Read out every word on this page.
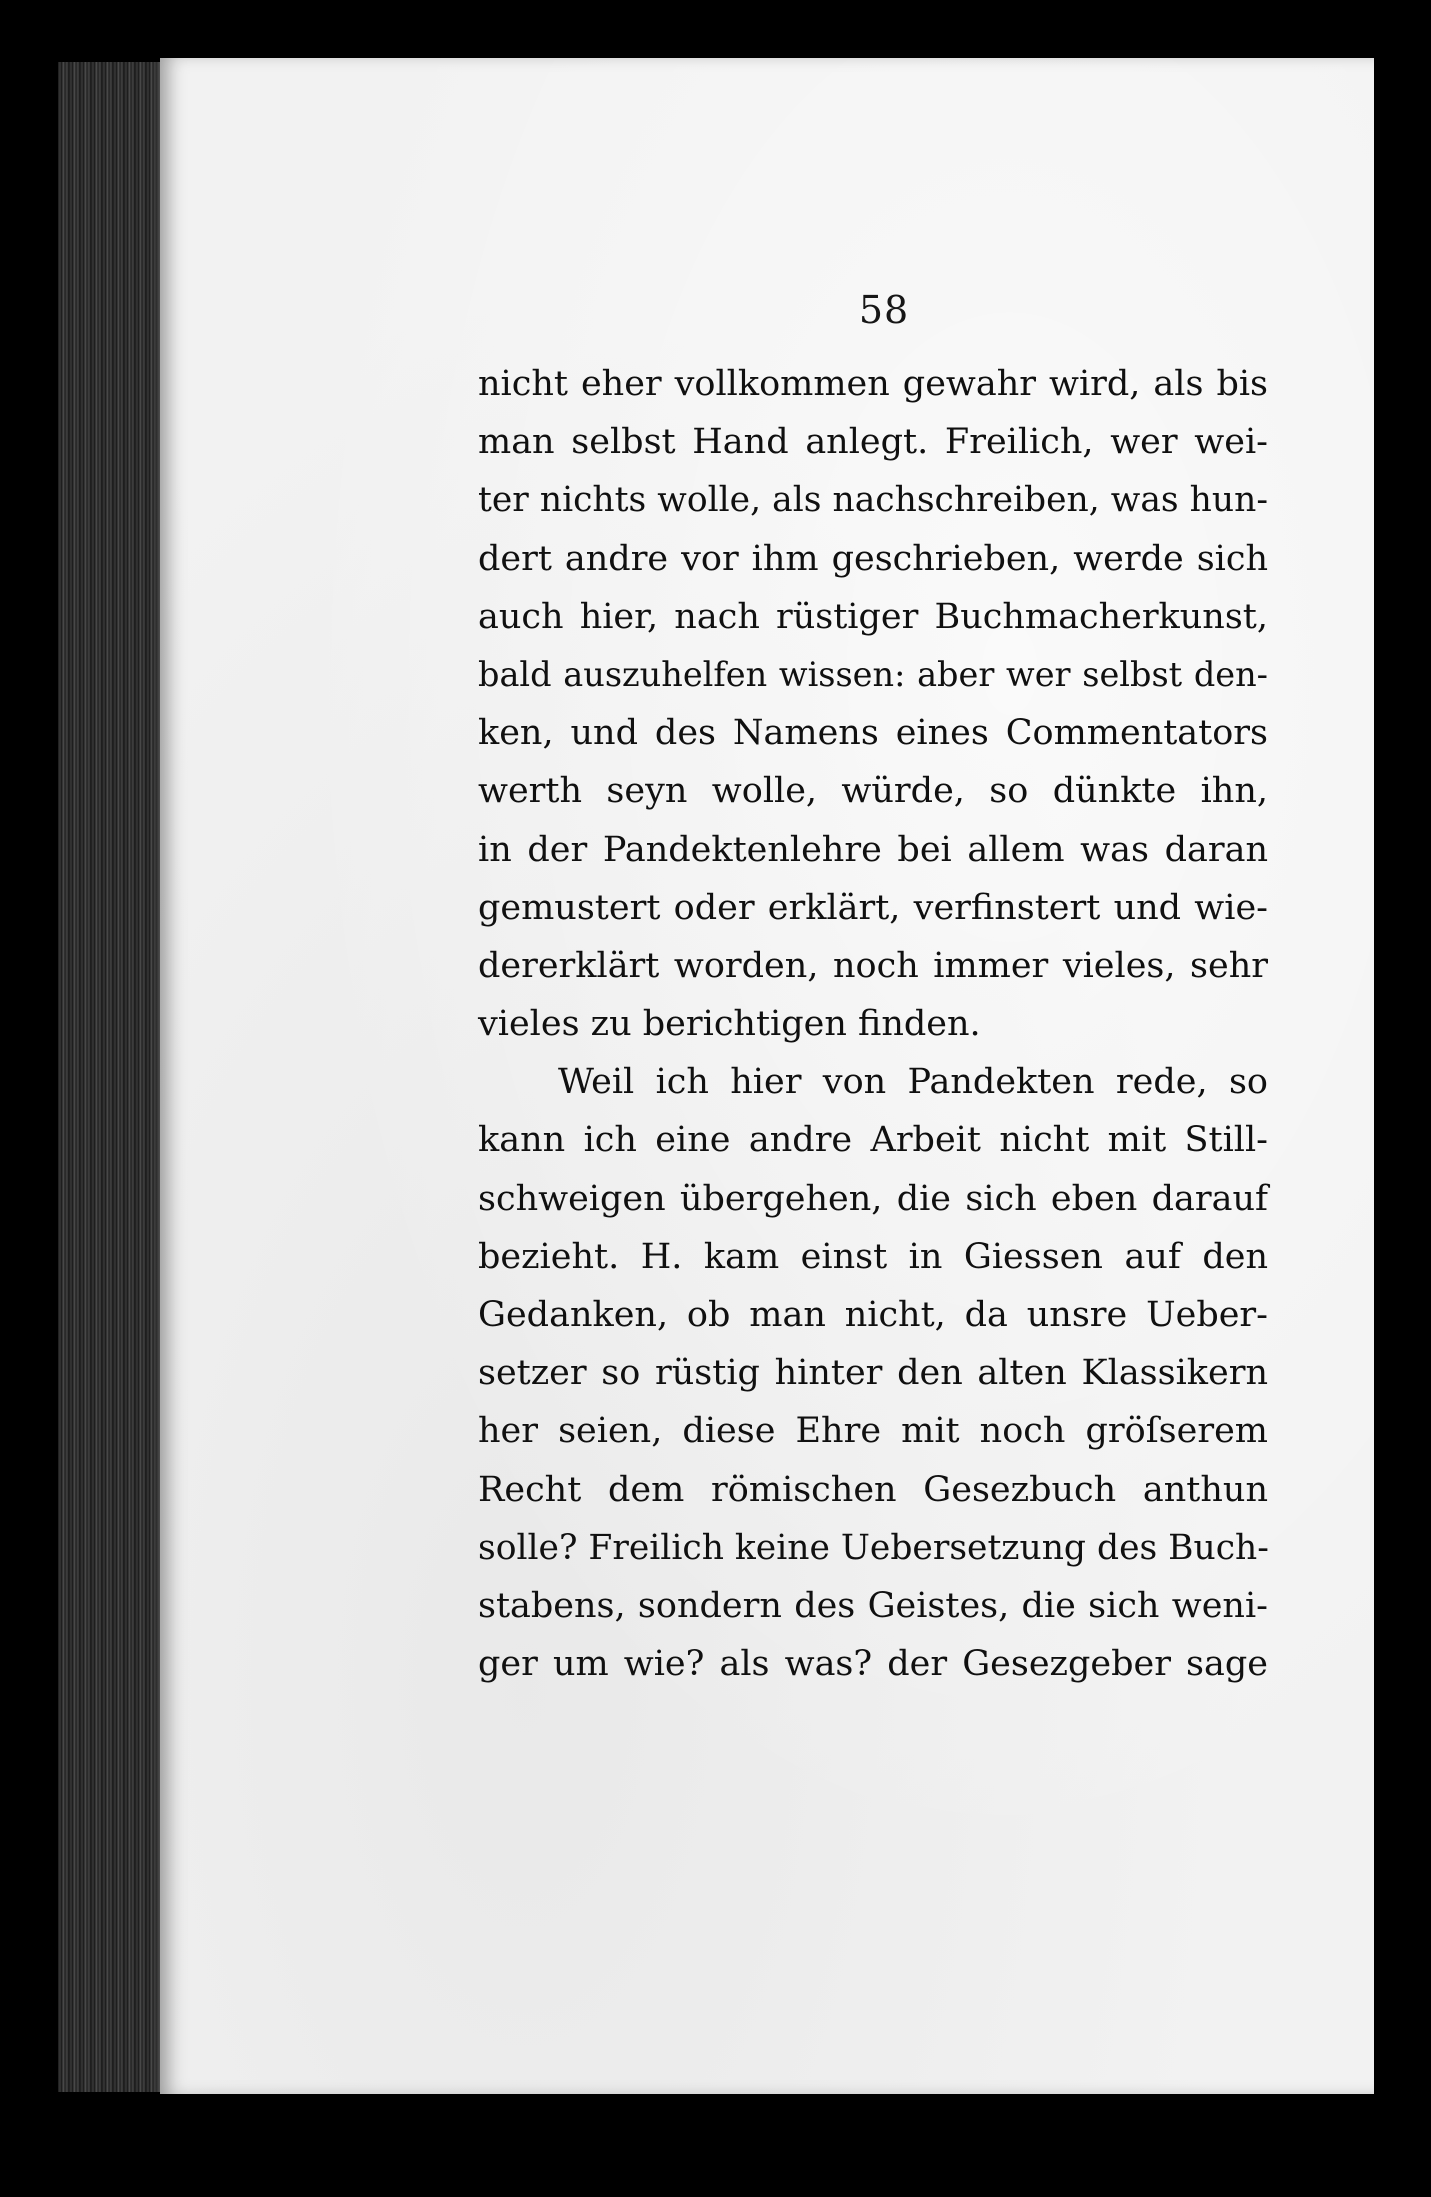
58
nicht eher vollkommen gewahr wird, als bis
man selbst Hand anlegt. Freilich, wer wei-
ter nichts wolle, als nachschreiben, was hun-
dert andre vor ihm geschrieben, werde sich
auch hier, nach rüstiger Buchmacherkunst,
bald auszuhelfen wissen: aber wer selbst den-
ken, und des Namens eines Commentators
werth seyn wolle, würde, so dünkte ihn,
in der Pandektenlehre bei allem was daran
gemustert oder erklärt, verfinstert und wie-
dererklärt worden, noch immer vieles, sehr
vieles zu berichtigen finden.
Weil ich hier von Pandekten rede, so
kann ich eine andre Arbeit nicht mit Still-
schweigen übergehen, die sich eben darauf
bezieht. H. kam einst in Giessen auf den
Gedanken, ob man nicht, da unsre Ueber-
setzer so rüstig hinter den alten Klassikern
her seien, diese Ehre mit noch gröſserem
Recht dem römischen Gesezbuch anthun
solle? Freilich keine Uebersetzung des Buch-
stabens, sondern des Geistes, die sich weni-
ger um wie? als was? der Gesezgeber sage
